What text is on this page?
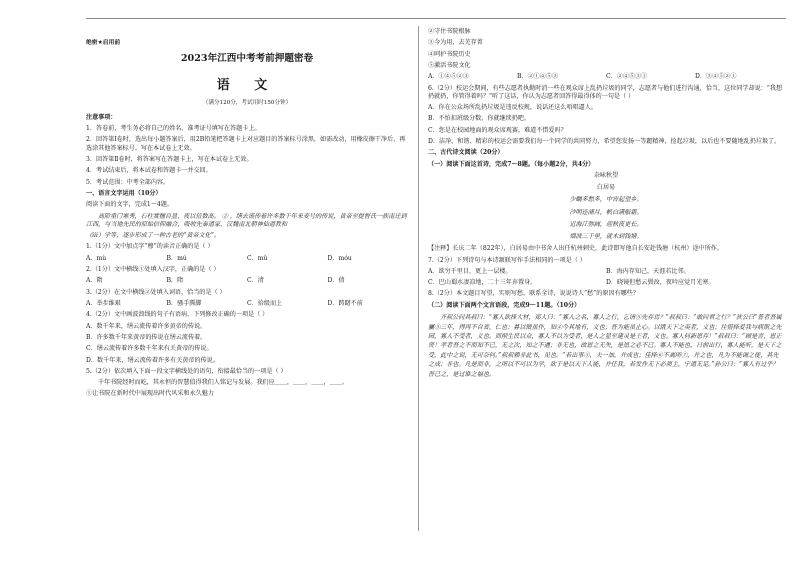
绝密★启用前
2023年江西中考考前押题密卷
语 文
（满分120分，考试用时150分钟）

注意事项：

1．答卷前，考生务必将自己的姓名、准考证号填写在答题卡上。

2．回答第Ⅰ卷时，选出每小题答案后，用2B铅笔把答题卡上对应题目的答案标号涂黑，如需改动，用橡皮擦干净后，再选涂其他答案标号。写在本试卷上无效。

3．回答第Ⅱ卷时，将答案写在答题卡上，写在本试卷上无效。

4．考试结束后，将本试卷和答题卡一并交回。

5．考试范围：中考全部内容。

一、语言文字运用（10分）

阅读下面的文字，完成1～4题。

高阶重门寒秀，石柱赏穗自显，夜以倍数高。 ② ，缮去流传着许多数千年来麦号的传说，黄帝至提督氏一族南迁到江西，与当地先民的原始信仰融合，吸收先秦道家、汉魏南北朝神仙道教和

（ⅲ）学等，逐步形成了一种古老的“黄帝文化”。

1.（1分）文中加点字“穆”的读音正确的是（ ）

A．mù	B．mú	C．mǔ	D．móu

2.（1分）文中横线①处填入汉字，正确的是（ ）

A．隋	B．隋	C．清	D．倩

3.（2分）在文中横线②处填入词语，恰当的是（ ）

A．举步维艰	B．骚手腾脚	C．拾级而上	D．踌躇不前

4.（2分）文中画波浪线的句子有语病，下列修改正确的一项是（ ）

A．数千年来，缮云流传着许多黄帝的传说。

B．许多数千年来黄帝的传说在缮云流传着。

C．缮云流传着许多数千年来有关黄帝的传说。

D．数千年来，缮云流传着许多有关黄帝的传说。

5.（2分）依次填入下面一段文字横线处的语句，衔接最恰当的一项是（ ）

千年书院经时而屹，其永恒的智慧值得我们人铭记与发展。我们应＿＿，＿＿，＿＿，＿＿。

①让书院在新时代中展现出时代风采和永久魅力

②守住书院根脉

③今为用，去芜存菁

④呵护书院历史

⑤激活书院文化

A．①④⑤②③	B．②①④⑤③	C．②④⑤③①	D．③④⑤②①

6.（2分）校运会期间，有些志愿者执勤时消一些在观众席上乱扔垃圾的同学，志愿者与他们进行沟通，恰当，这位同学却说：“我想扔就扔，你管得着吗？”听了这话，你认为志愿者回答得最得体的一句是（ ）

A．你在公众场所乱扔垃圾是违反校规，说话还这么唔唱逼人。

B．不怕扣班级分数，你就继续扔吧。

C．您是在校园地面的观众席观赛，难道不惜爱吗？

D．洁净、和谐、精彩的校运会需要我们每一个同学的共同努力，希望您发扬一等麗精神，捡起垃圾，以后也不要随地乱扔垃圾了。

二、古代诗文阅读（20分）

（一）阅读下面这首诗，完成7～8题。（每小题2分，共4分）

杂咏秋望

白居易

少瞩多愁多，中宵起望乡。

沙明连浦月，帆白满船霜。

近海江弥阔，迎秋夜更长。

烟波三千里，就木到钱塘。

【注释】长庆二年（822年），白居易由中书舍人出任杭州刺史，此诗即写他自长安赴钱塘（杭州）途中所作。

7.（2分）下列诗句与本诗颔联写作手法相同的一项是（ ）

A．欲穷千里目，更上一层楼。	B．海内存知己，天涯若比邻。
C．巴山蜀水凄凉地，二十三年弃置身。	D．晓镜但愁云鬓改，夜吟应觉月光寒。

8.（2分）本文题目写望，实则写愁，联系全诗，说说诗人“愁”的原因有哪些？

（二）阅读下面两个文言语段，完成9～11题。（10分）

齐叔公问其叔曰：“寡人欲择大材，郑人曰：“寡人之名，寡人之行，乞请⑤先存焉？”叔叔曰：“敢问君之行？”狄公曰“普者吾属屬③三年，得再不自省，仁也；暮以徵虽作，知④今其地有，义也；吾为能虽止心。以饿天下之英者，义也；往惜择爱我与病斯之先园，寡人不受者，义也。而削生民以众，寡人不以为受者，是人之显至建灵是王者，义也。寡人何新恩存！”叔叔曰：“顾是言，恩正贤！孝者吾之不而知不已，无之次，知之不遇；非无也，故恩之无失，是恩之必不已。寡人不能也，日前出行，寡人能听，是天下之受，此中之说，无可奈何。”叔叔赖非此书，见也。“若出事⑤，夫一加，并成也；佳择⑥不离所⑦，并之也，凡为不能调之使，其先之成；非也。凡是而非，之所以不可以为学，欲于是以天下人能，并任我，若发作无下必须主，宁道无足。”孙公曰：“寡人有过乎？吾已之，是过谁之福也。
